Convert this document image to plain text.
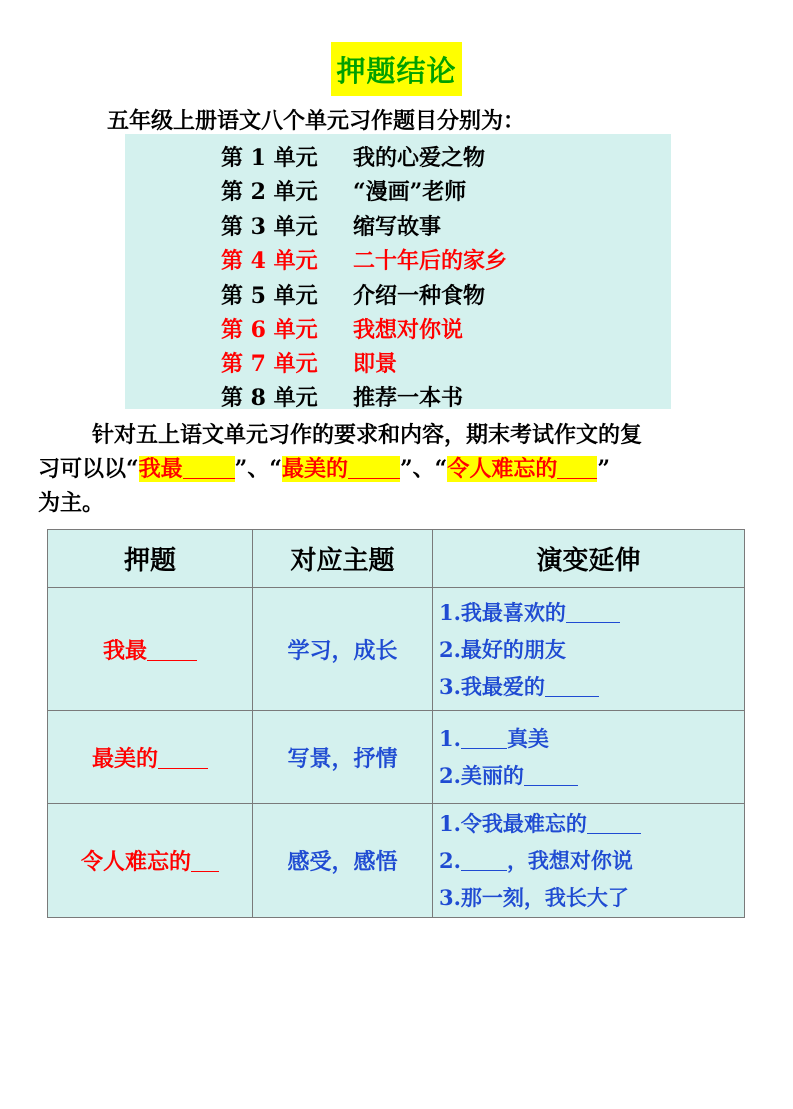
押题结论
五年级上册语文八个单元习作题目分别为：
第 1 单元 我的心爱之物
第 2 单元 “漫画”老师
第 3 单元 缩写故事
第 4 单元 二十年后的家乡
第 5 单元 介绍一种食物
第 6 单元 我想对你说
第 7 单元 即景
第 8 单元 推荐一本书
针对五上语文单元习作的要求和内容，期末考试作文的复
习可以以“我最 ”、“最美的 ”、“令人难忘的 ”
为主。
押题	对应主题	演变延伸
我最	学习，成长	1.我最喜欢的
2.最好的朋友
3.我最爱的

最美的	写景，抒情	1. 真美
2.美丽的

令人难忘的	感受，感悟	1.令我最难忘的
2. ，我想对你说
3.那一刻，我长大了
